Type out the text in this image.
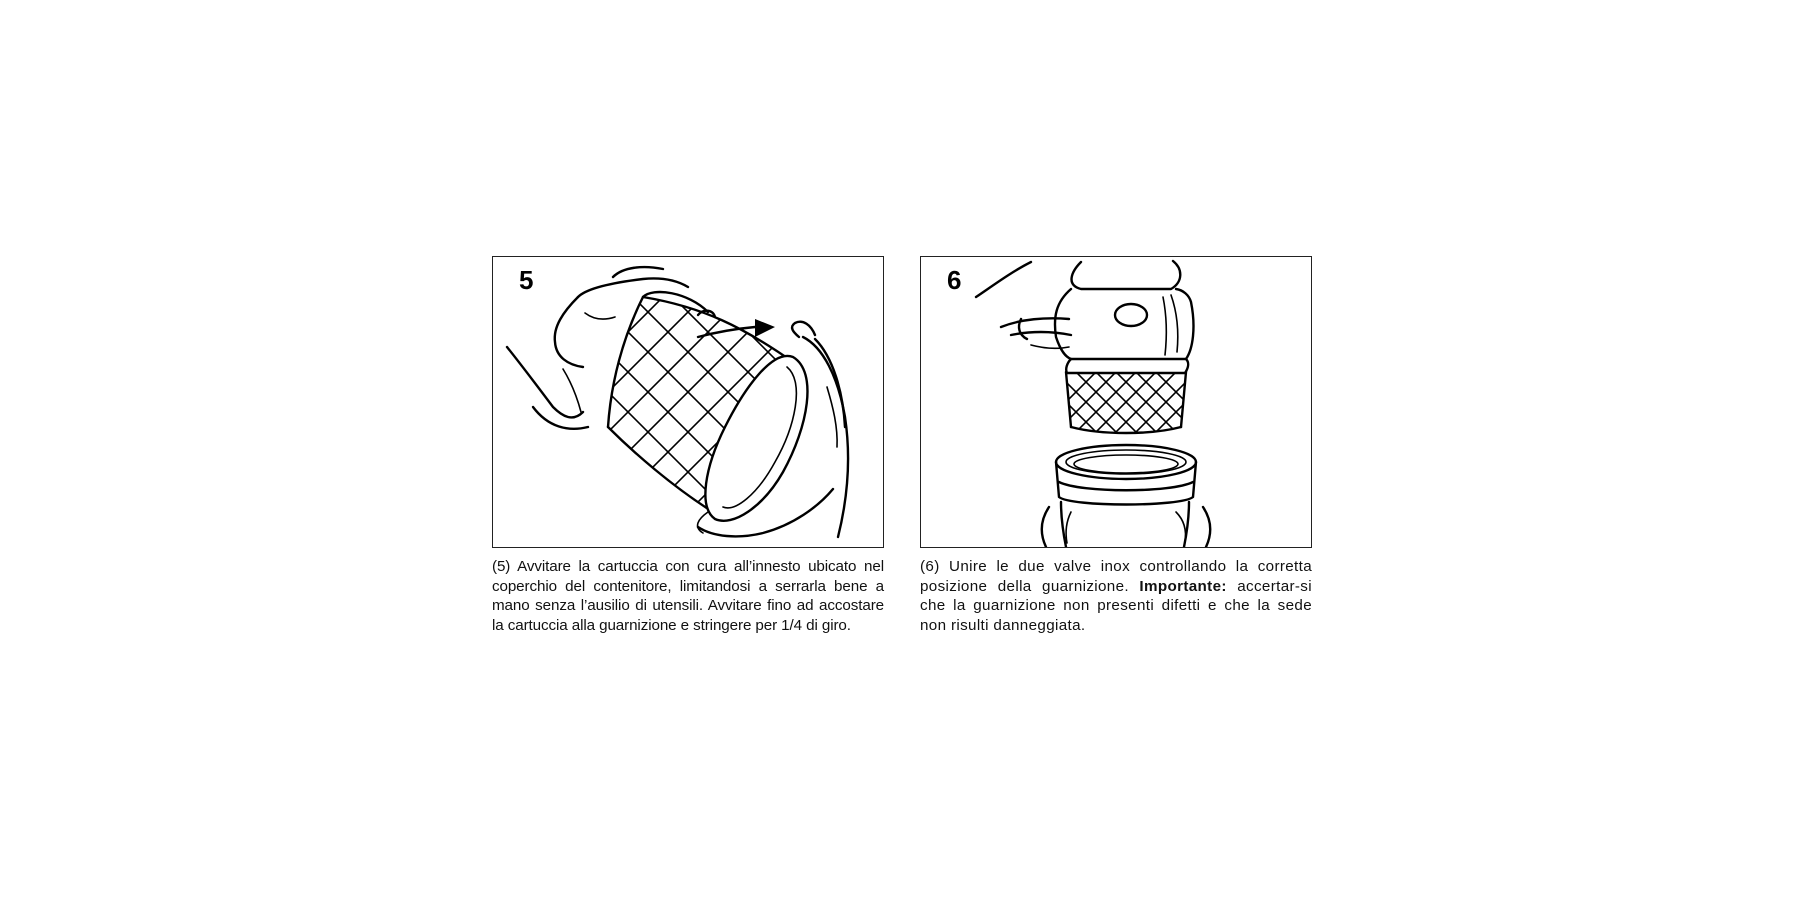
5
(5) Avvitare la cartuccia con cura all’innesto ubicato nel coperchio del contenitore, limitandosi a serrarla bene a mano senza l’ausilio di utensili. Avvitare fino ad accostare la cartuccia alla guarnizione e stringere per 1/4 di giro.
6
(6) Unire le due valve inox controllando la corretta posizione della guarnizione. Importante: accertar-si che la guarnizione non presenti difetti e che la sede non risulti danneggiata.
